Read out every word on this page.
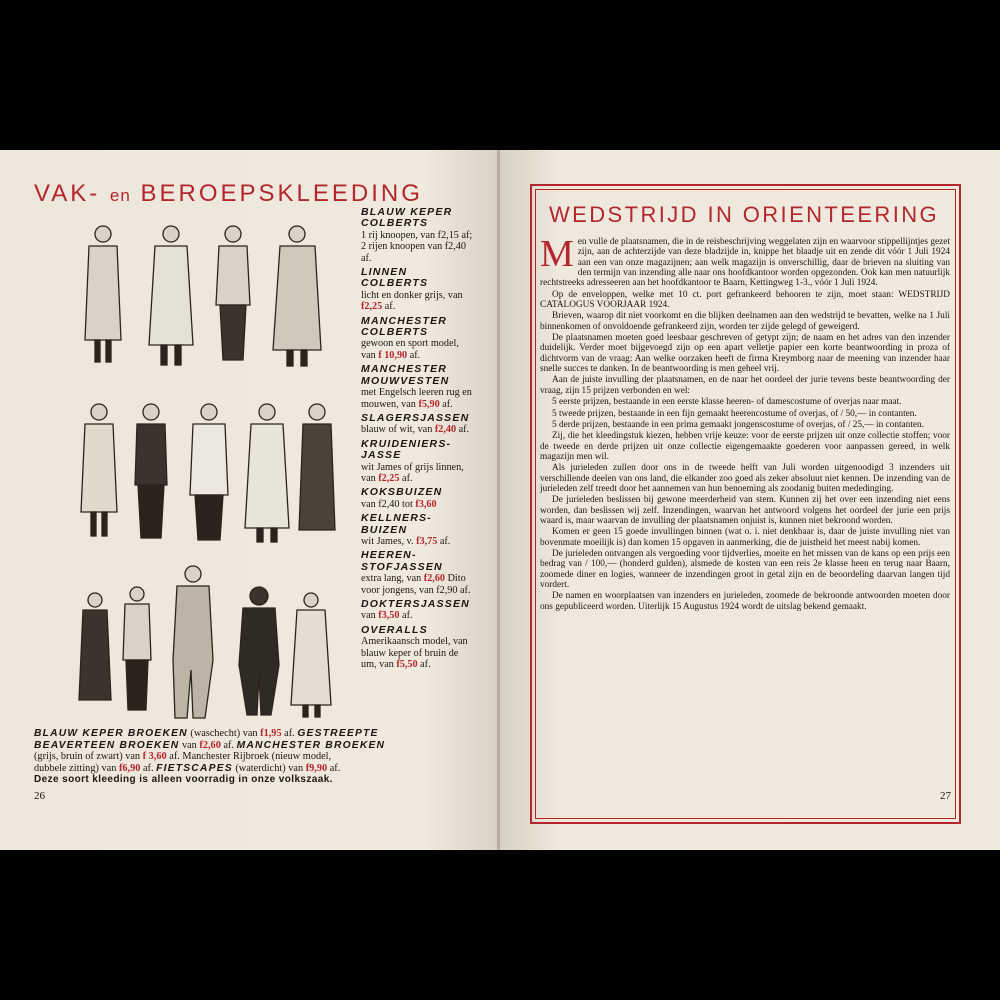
VAK- en BEROEPSKLEEDING
BLAUW KEPER COLBERTS
1 rij knoopen, van f2,15 af; 2 rijen knoopen van f2,40 af.
LINNEN COLBERTS
licht en donker grijs, van f2,25 af.
MANCHESTER COLBERTS
gewoon en sport model, van f 10,90 af.
MANCHESTER MOUWVESTEN
met Engelsch leeren rug en mouwen, van f5,90 af.
SLAGERSJASSEN
blauw of wit, van f2,40 af.
KRUIDENIERS- JASSE
wit James of grijs linnen, van f2,25 af.
KOKSBUIZEN
van f2,40 tot f3,60
KELLNERS- BUIZEN
wit James, v. f3,75 af.
HEEREN- STOFJASSEN
extra lang, van f2,60 Dito voor jongens, van f2,90 af.
DOKTERSJASSEN
van f3,50 af.
OVERALLS
Amerikaansch model, van blauw keper of bruin de um, van f5,50 af.
BLAUW KEPER BROEKEN (waschecht) van f1,95 af. GESTREEPTE
BEAVERTEEN BROEKEN van f2,60 af. MANCHESTER BROEKEN
(grijs, bruin of zwart) van f 3,60 af. Manchester Rijbroek (nieuw model,
dubbele zitting) van f6,90 af. FIETSCAPES (waterdicht) van f9,90 af.
Deze soort kleeding is alleen voorradig in onze volkszaak.
26
WEDSTRIJD IN ORIENTEERING

Men vulle de plaatsnamen, die in de reisbeschrijving weggelaten zijn en waarvoor stippellijntjes gezet zijn, aan de achterzijde van deze bladzijde in, knippe het blaadje uit en zende dit vóór 1 Juli 1924 aan een van onze magazijnen; aan welk magazijn is onverschillig, daar de brieven na sluiting van den termijn van inzending alle naar ons hoofdkantoor worden opgezonden. Ook kan men natuurlijk rechtstreeks adresseeren aan het hoofdkantoor te Baarn, Kettingweg 1-3., vóór 1 Juli 1924.

Op de enveloppen, welke met 10 ct. port gefrankeerd behooren te zijn, moet staan: WEDSTRIJD CATALOGUS VOORJAAR 1924.

Brieven, waarop dit niet voorkomt en die blijken deelnamen aan den wedstrijd te bevatten, welke na 1 Juli binnenkomen of onvoldoende gefrankeerd zijn, worden ter zijde gelegd of geweigerd.

De plaatsnamen moeten goed leesbaar geschreven of getypt zijn; de naam en het adres van den inzender duidelijk. Verder moet bijgevoegd zijn op een apart velletje papier een korte beantwoording in proza of dichtvorm van de vraag: Aan welke oorzaken heeft de firma Kreymborg naar de meening van inzender haar snelle succes te danken. In de beantwoording is men geheel vrij.

Aan de juiste invulling der plaatsnamen, en de naar het oordeel der jurie tevens beste beantwoording der vraag, zijn 15 prijzen verbonden en wel:

5 eerste prijzen, bestaande in een eerste klasse heeren- of damescostume of overjas naar maat.

5 tweede prijzen, bestaande in een fijn gemaakt heerencostume of overjas, of / 50,— in contanten.

5 derde prijzen, bestaande in een prima gemaakt jongenscostume of overjas, of / 25,— in contanten.

Zij, die het kleedingstuk kiezen, hebben vrije keuze: voor de eerste prijzen uit onze collectie stoffen; voor de tweede en derde prijzen uit onze collectie eigengemaakte goederen voor aanpassen gereed, in welk magazijn men wil.

Als jurieleden zullen door ons in de tweede helft van Juli worden uitgenoodigd 3 inzenders uit verschillende deelen van ons land, die elkander zoo goed als zeker absoluut niet kennen. De inzending van de jurieleden zelf treedt door het aannemen van hun benoeming als zoodanig buiten mededinging.

De jurieleden beslissen bij gewone meerderheid van stem. Kunnen zij het over een inzending niet eens worden, dan beslissen wij zelf. Inzendingen, waarvan het antwoord volgens het oordeel der jurie een prijs waard is, maar waarvan de invulling der plaatsnamen onjuist is, kunnen niet bekroond worden.

Komen er geen 15 goede invullingen binnen (wat o. i. niet denkbaar is, daar de juiste invulling niet van bovenmate moeilijk is) dan komen 15 opgaven in aanmerking, die de juistheid het meest nabij komen.

De jurieleden ontvangen als vergoeding voor tijdverlies, moeite en het missen van de kans op een prijs een bedrag van / 100,— (honderd gulden), alsmede de kosten van een reis 2e klasse heen en terug naar Baarn, zoomede diner en logies, wanneer de inzendingen groot in getal zijn en de beoordeling daarvan langen tijd vordert.

De namen en woorplaatsen van inzenders en jurieleden, zoomede de bekroonde antwoorden moeten door ons gepubliceerd worden. Uiterlijk 15 Augustus 1924 wordt de uitslag bekend gemaakt.

27
